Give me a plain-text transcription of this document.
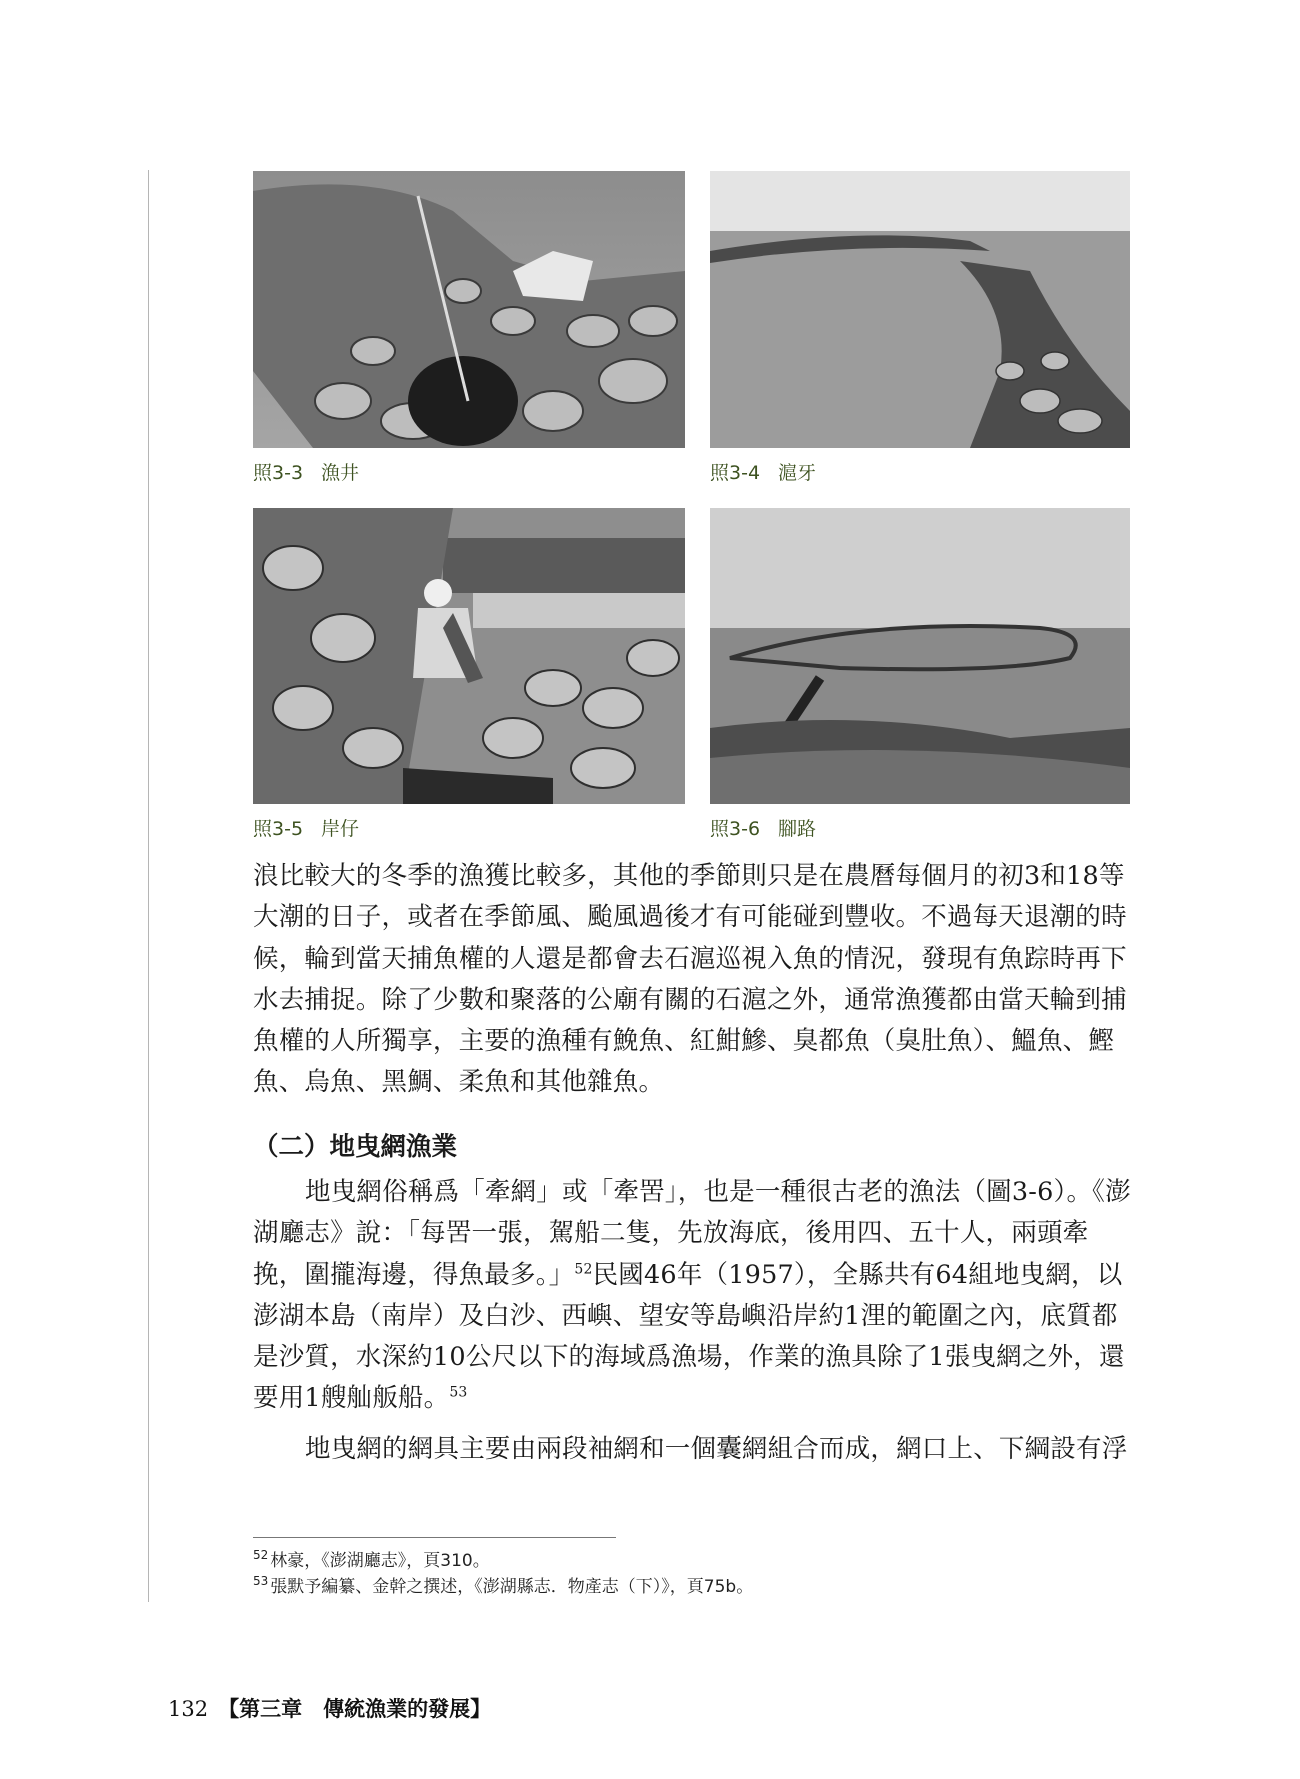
照3-3 漁井	照3-4 滬牙
照3-5 岸仔	照3-6 腳路

浪比較大的冬季的漁獲比較多，其他的季節則只是在農曆每個月的初3和18等大潮的日子，或者在季節風、颱風過後才有可能碰到豐收。不過每天退潮的時候，輪到當天捕魚權的人還是都會去石滬巡視入魚的情況，發現有魚踪時再下水去捕捉。除了少數和聚落的公廟有關的石滬之外，通常漁獲都由當天輪到捕魚權的人所獨享，主要的漁種有鮸魚、紅魽鰺、臭都魚（臭肚魚）、鰮魚、鰹魚、烏魚、黑鯛、柔魚和其他雜魚。

（二）地曳網漁業

地曳網俗稱爲「牽網」或「牽罟」，也是一種很古老的漁法（圖3-6）。《澎湖廳志》說：「每罟一張，駕船二隻，先放海底，後用四、五十人，兩頭牽挽，圍攏海邊，得魚最多。」$^{52}$民國46年（1957），全縣共有64組地曳網，以澎湖本島（南岸）及白沙、西嶼、望安等島嶼沿岸約1浬的範圍之內，底質都是沙質，水深約10公尺以下的海域爲漁場，作業的漁具除了1張曳網之外，還要用1艘舢舨船。$^{53}$

地曳網的網具主要由兩段袖網和一個囊網組合而成，網口上、下綱設有浮

$^{52}$ 林豪，《澎湖廳志》，頁310。
$^{53}$ 張默予編纂、金幹之撰述，《澎湖縣志．物產志（下）》，頁75b。
132 【第三章　傳統漁業的發展】
